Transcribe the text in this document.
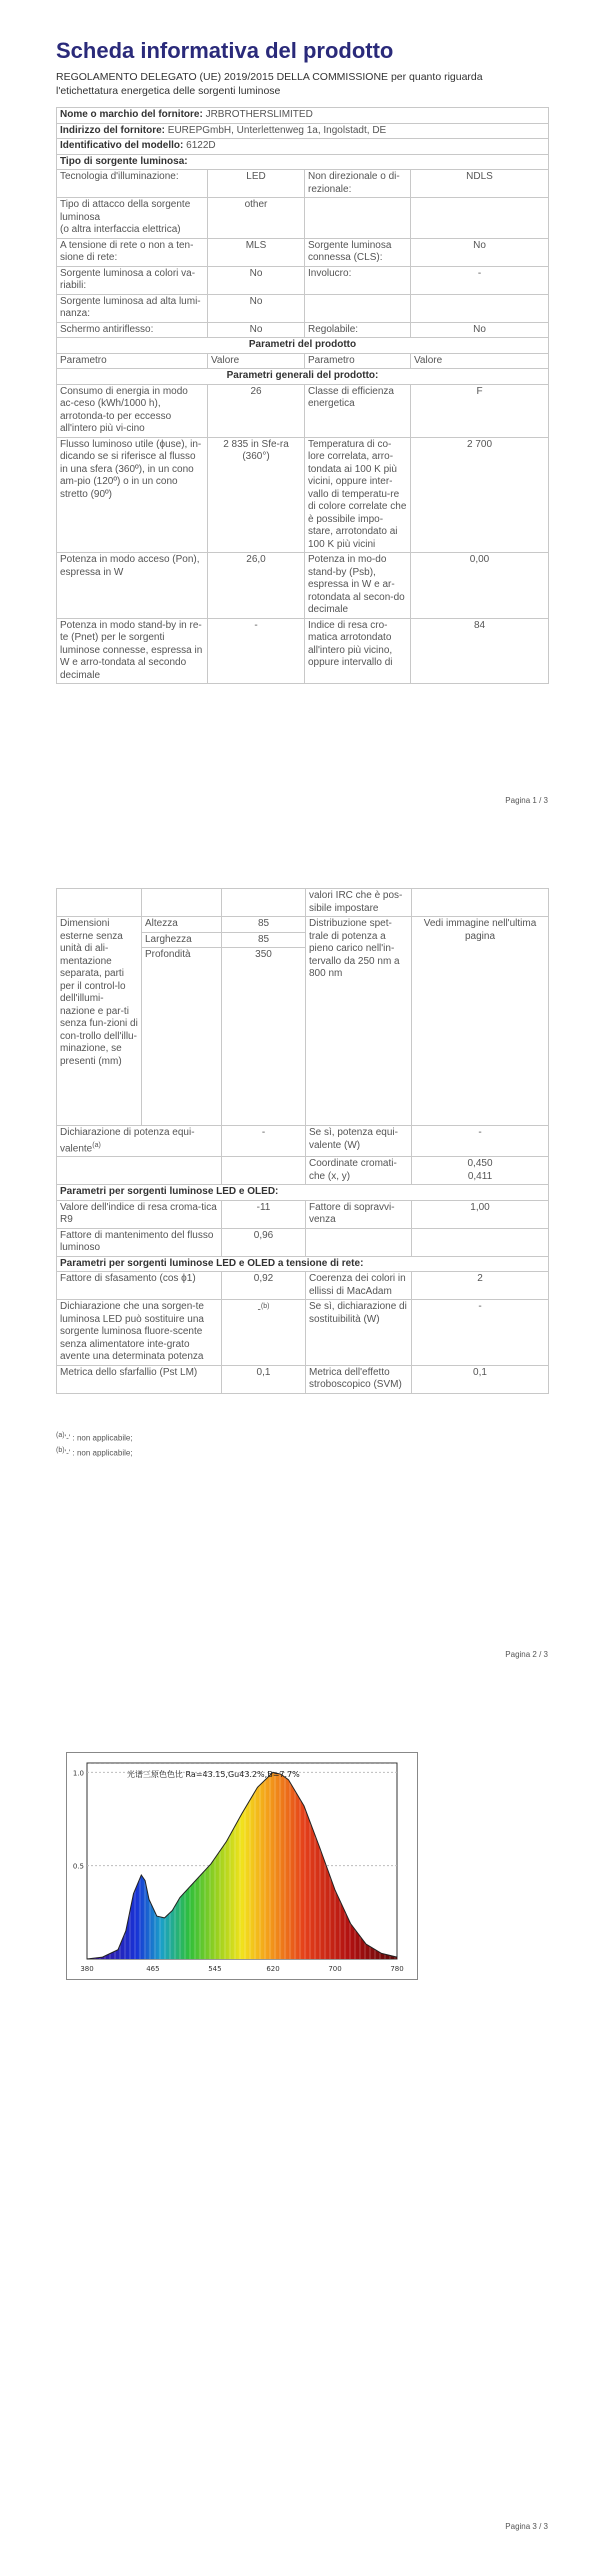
Scheda informativa del prodotto
REGOLAMENTO DELEGATO (UE) 2019/2015 DELLA COMMISSIONE per quanto riguarda l'etichettatura energetica delle sorgenti luminose
Nome o marchio del fornitore: JRBROTHERSLIMITED			
Indirizzo del fornitore: EUREPGmbH, Unterlettenweg 1a, Ingolstadt, DE			
Identificativo del modello: 6122D			
Tipo di sorgente luminosa:			
Tecnologia d'illuminazione:	LED	Non direzionale o di-rezionale:	NDLS
Tipo di attacco della sorgente luminosa
(o altra interfaccia elettrica)	other		
A tensione di rete o non a ten-sione di rete:	MLS	Sorgente luminosa connessa (CLS):	No
Sorgente luminosa a colori va-riabili:	No	Involucro:	-
Sorgente luminosa ad alta lumi-nanza:	No		
Schermo antiriflesso:	No	Regolabile:	No
Parametri del prodotto			
Parametro	Valore	Parametro	Valore
Parametri generali del prodotto:			
Consumo di energia in modo ac-ceso (kWh/1000 h), arrotonda-to per eccesso all'intero più vi-cino	26	Classe di efficienza energetica	F
Flusso luminoso utile (ϕuse), in-dicando se si riferisce al flusso in una sfera (360º), in un cono am-pio (120º) o in un cono stretto (90º)	2 835 in Sfe-ra (360°)	Temperatura di co-lore correlata, arro-tondata ai 100 K più vicini, oppure inter-vallo di temperatu-re di colore correlate che è possibile impo-stare, arrotondato ai 100 K più vicini	2 700
Potenza in modo acceso (Pon), espressa in W	26,0	Potenza in mo-do stand-by (Psb), espressa in W e ar-rotondata al secon-do decimale	0,00
Potenza in modo stand-by in re-te (Pnet) per le sorgenti luminose connesse, espressa in W e arro-tondata al secondo decimale	-	Indice di resa cro-matica arrotondato all'intero più vicino, oppure intervallo di	84
Pagina 1 / 3
			valori IRC che è pos-sibile impostare	
Dimensioni esterne senza unità di ali-mentazione separata, parti per il control-lo dell'illumi-nazione e par-ti senza fun-zioni di con-trollo dell'illu-minazione, se presenti (mm)	Altezza	85	Distribuzione spet-trale di potenza a pieno carico nell'in-tervallo da 250 nm a 800 nm	Vedi immagine nell'ultima pagina
	Larghezza	85		
	Profondità	350		
Dichiarazione di potenza equi-valente$^{(a)}$		-	Se sì, potenza equi-valente (W)	-
			Coordinate cromati-che (x, y)	0,450
0,411

Parametri per sorgenti luminose LED e OLED:				
Valore dell'indice di resa croma-tica R9		-11	Fattore di sopravvi-venza	1,00
Fattore di mantenimento del flusso luminoso		0,96		
Parametri per sorgenti luminose LED e OLED a tensione di rete:				
Fattore di sfasamento (cos ϕ1)		0,92	Coerenza dei colori in ellissi di MacAdam	2
Dichiarazione che una sorgen-te luminosa LED può sostituire una sorgente luminosa fluore-scente senza alimentatore inte-grato avente una determinata potenza		-$^{(b)}$	Se sì, dichiarazione di sostituibilità (W)	-
Metrica dello sfarfallio (Pst LM)		0,1	Metrica dell'effetto stroboscopico (SVM)	0,1
$^{(a)}$'-' : non applicabile;
$^{(b)}$'-' : non applicabile;
Pagina 2 / 3
Pagina 3 / 3
光谱三原色色比 Ra=43.15,Gu43.2%,B=7.7%
380	465	545	620	700	780
1.0
0.5
